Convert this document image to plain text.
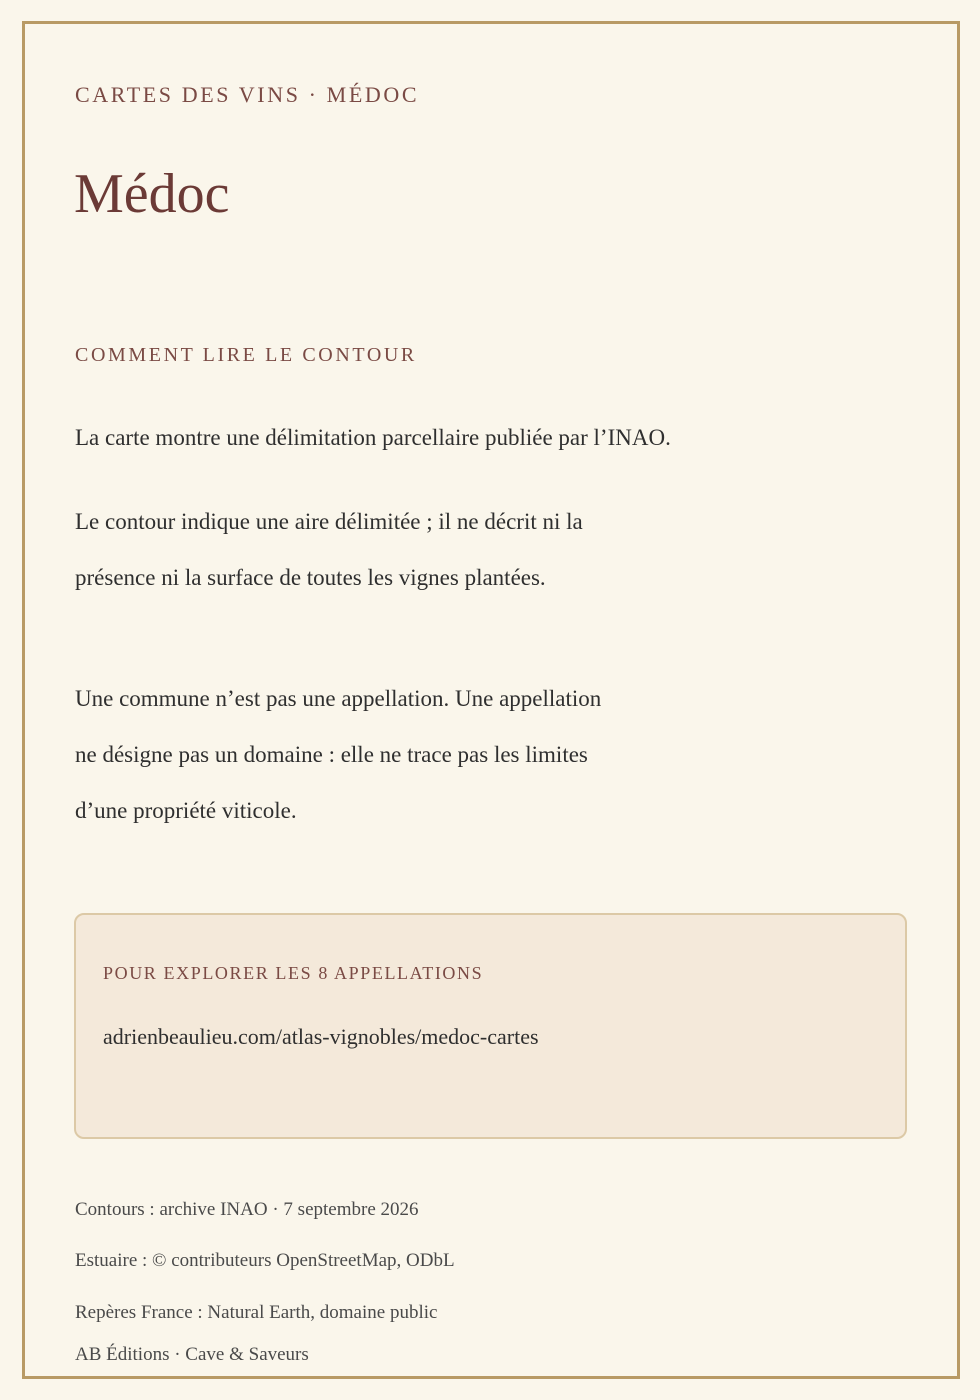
CARTES DES VINS · MÉDOC
Médoc
COMMENT LIRE LE CONTOUR
La carte montre une délimitation parcellaire publiée par l’INAO.
Le contour indique une aire délimitée ; il ne décrit ni la
présence ni la surface de toutes les vignes plantées.
Une commune n’est pas une appellation. Une appellation
ne désigne pas un domaine : elle ne trace pas les limites
d’une propriété viticole.
POUR EXPLORER LES 8 APPELLATIONS
adrienbeaulieu.com/atlas-vignobles/medoc-cartes
Contours : archive INAO · 7 septembre 2026
Estuaire : © contributeurs OpenStreetMap, ODbL
Repères France : Natural Earth, domaine public
AB Éditions · Cave & Saveurs
